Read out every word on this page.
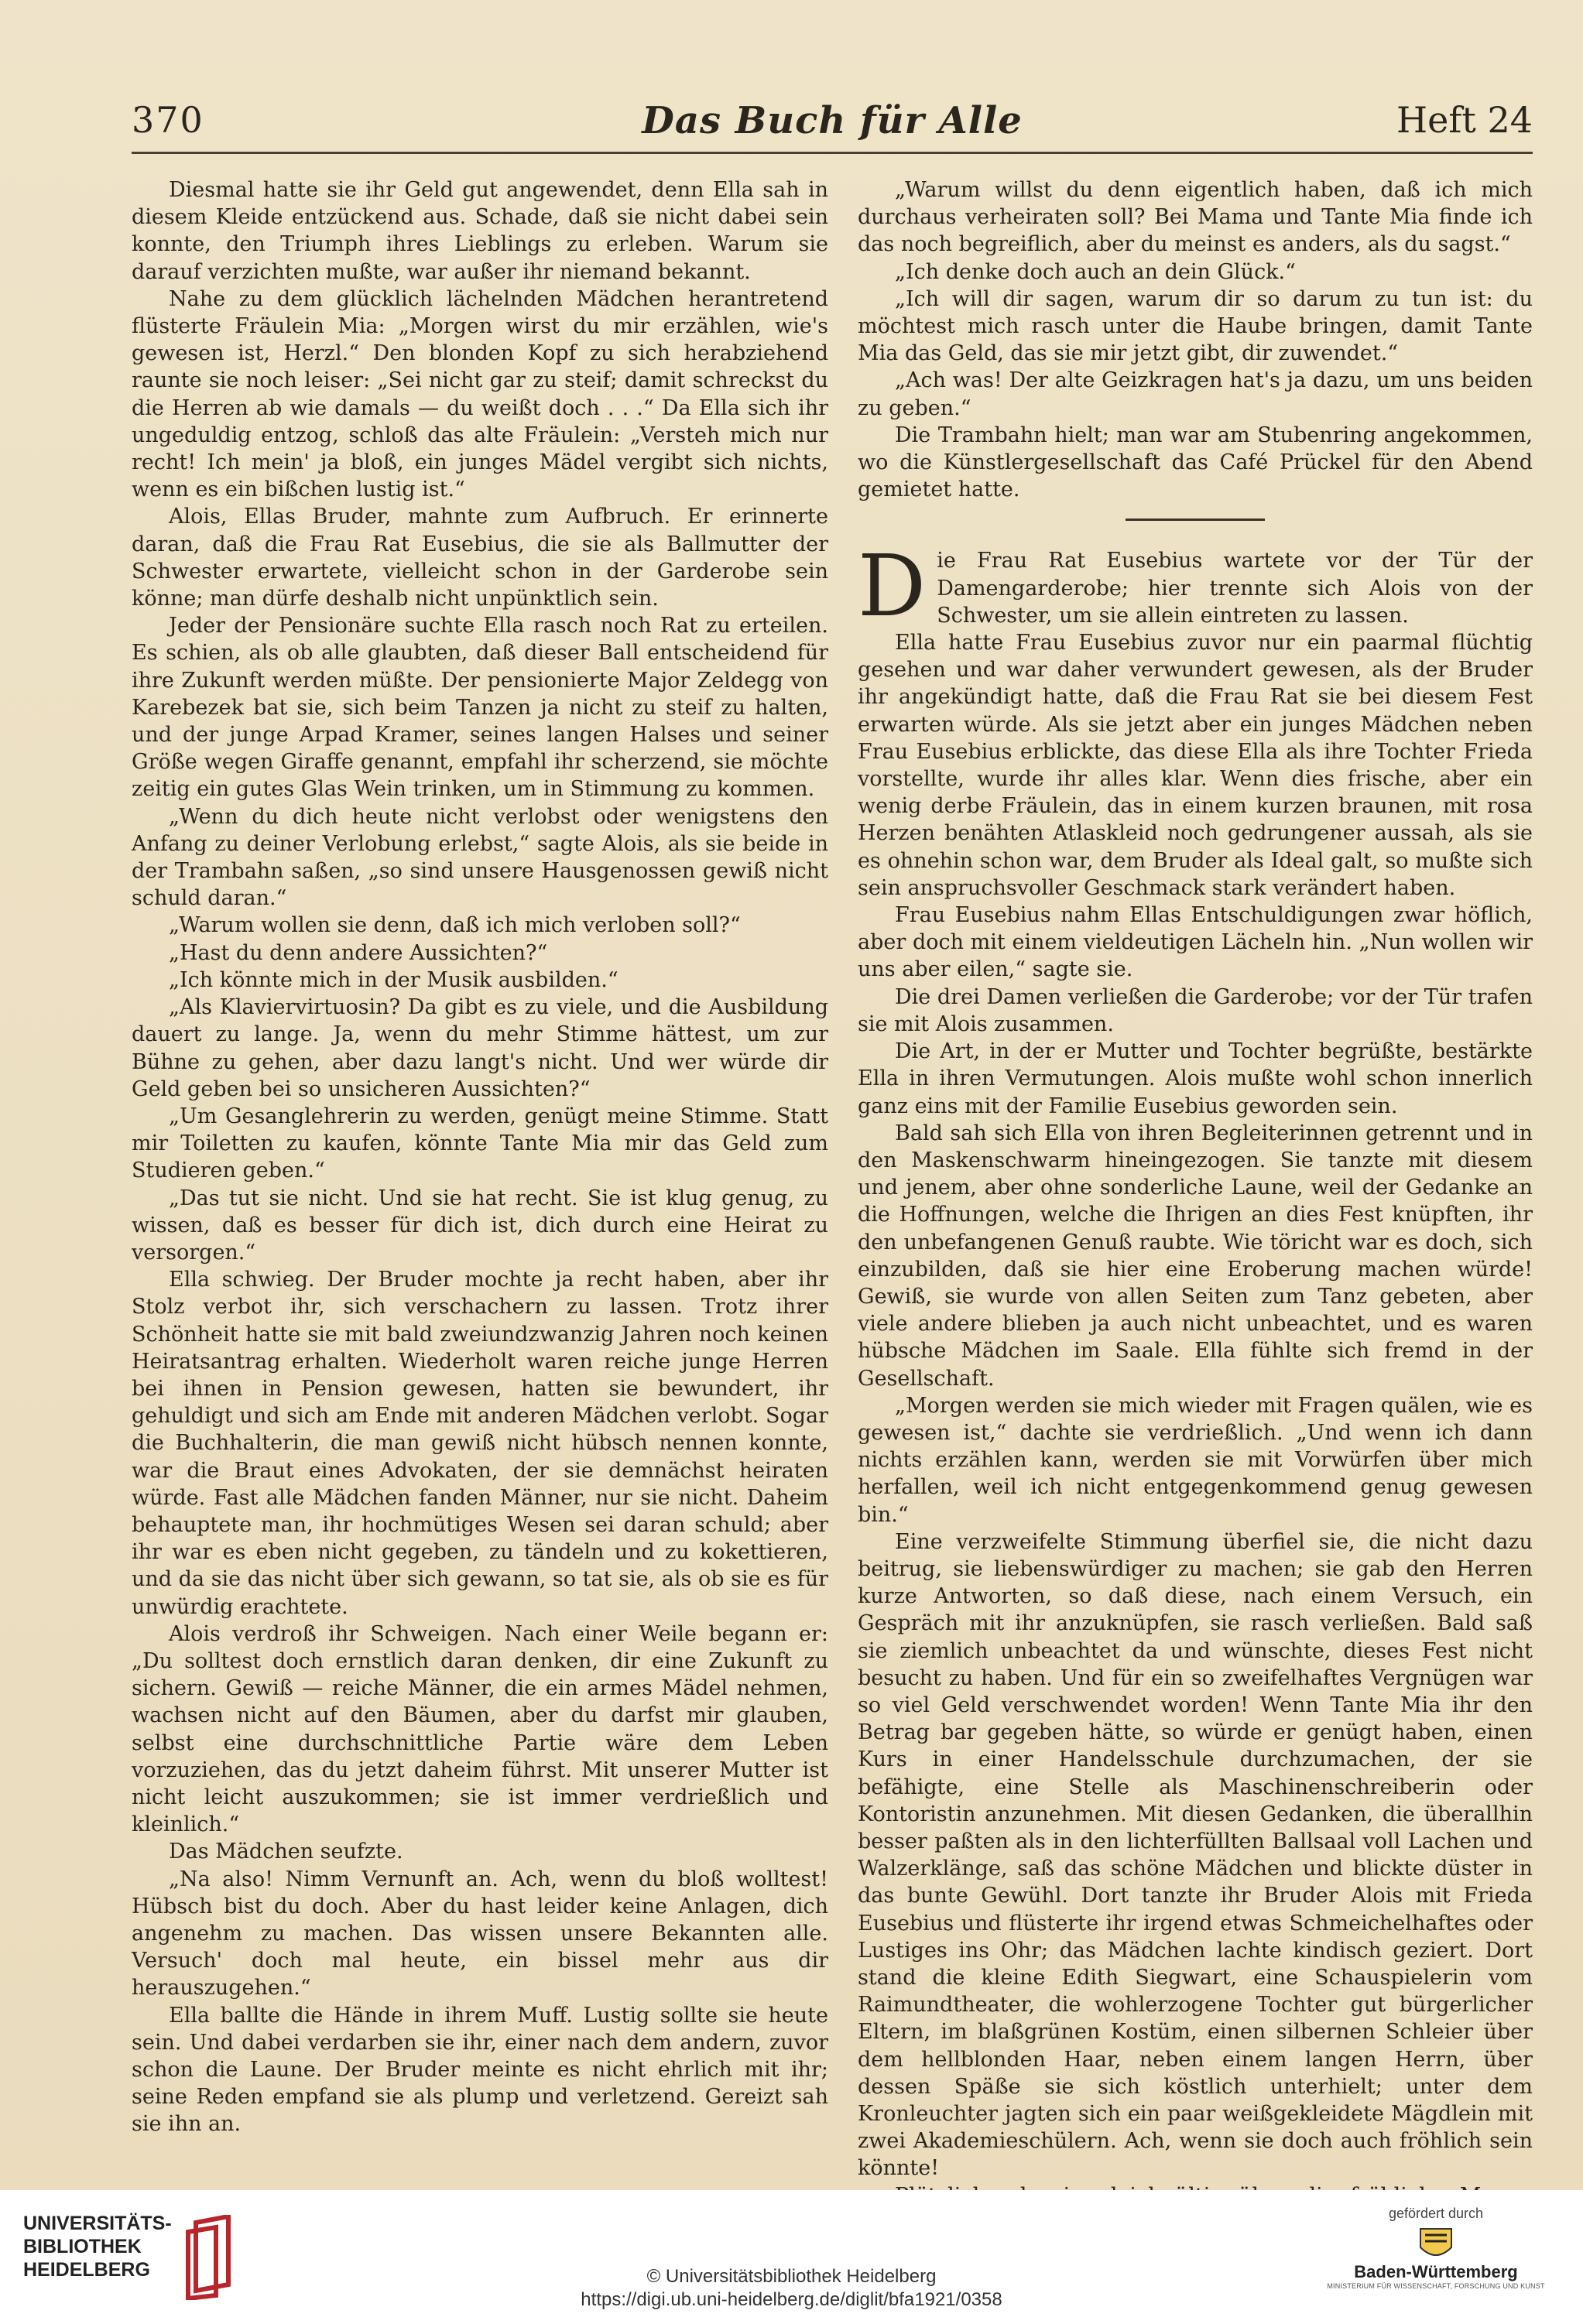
370	Das Buch für Alle	Heft 24

Diesmal hatte sie ihr Geld gut angewendet, denn Ella sah in diesem Kleide entzückend aus. Schade, daß sie nicht dabei sein konnte, den Triumph ihres Lieblings zu erleben. Warum sie darauf verzichten mußte, war außer ihr niemand bekannt.

Nahe zu dem glücklich lächelnden Mädchen herantretend flüsterte Fräulein Mia: „Morgen wirst du mir erzählen, wie's gewesen ist, Herzl.“ Den blonden Kopf zu sich herabziehend raunte sie noch leiser: „Sei nicht gar zu steif; damit schreckst du die Herren ab wie damals — du weißt doch . . .“ Da Ella sich ihr ungeduldig entzog, schloß das alte Fräulein: „Versteh mich nur recht! Ich mein' ja bloß, ein junges Mädel vergibt sich nichts, wenn es ein bißchen lustig ist.“

Alois, Ellas Bruder, mahnte zum Aufbruch. Er erinnerte daran, daß die Frau Rat Eusebius, die sie als Ballmutter der Schwester erwartete, vielleicht schon in der Garderobe sein könne; man dürfe deshalb nicht unpünktlich sein.

Jeder der Pensionäre suchte Ella rasch noch Rat zu erteilen. Es schien, als ob alle glaubten, daß dieser Ball entscheidend für ihre Zukunft werden müßte. Der pensionierte Major Zeldegg von Karebezek bat sie, sich beim Tanzen ja nicht zu steif zu halten, und der junge Arpad Kramer, seines langen Halses und seiner Größe wegen Giraffe genannt, empfahl ihr scherzend, sie möchte zeitig ein gutes Glas Wein trinken, um in Stimmung zu kommen.

„Wenn du dich heute nicht verlobst oder wenigstens den Anfang zu deiner Verlobung erlebst,“ sagte Alois, als sie beide in der Trambahn saßen, „so sind unsere Hausgenossen gewiß nicht schuld daran.“

„Warum wollen sie denn, daß ich mich verloben soll?“

„Hast du denn andere Aussichten?“

„Ich könnte mich in der Musik ausbilden.“

„Als Klaviervirtuosin? Da gibt es zu viele, und die Ausbildung dauert zu lange. Ja, wenn du mehr Stimme hättest, um zur Bühne zu gehen, aber dazu langt's nicht. Und wer würde dir Geld geben bei so unsicheren Aussichten?“

„Um Gesanglehrerin zu werden, genügt meine Stimme. Statt mir Toiletten zu kaufen, könnte Tante Mia mir das Geld zum Studieren geben.“

„Das tut sie nicht. Und sie hat recht. Sie ist klug genug, zu wissen, daß es besser für dich ist, dich durch eine Heirat zu versorgen.“

Ella schwieg. Der Bruder mochte ja recht haben, aber ihr Stolz verbot ihr, sich verschachern zu lassen. Trotz ihrer Schönheit hatte sie mit bald zweiundzwanzig Jahren noch keinen Heiratsantrag erhalten. Wiederholt waren reiche junge Herren bei ihnen in Pension gewesen, hatten sie bewundert, ihr gehuldigt und sich am Ende mit anderen Mädchen verlobt. Sogar die Buchhalterin, die man gewiß nicht hübsch nennen konnte, war die Braut eines Advokaten, der sie demnächst heiraten würde. Fast alle Mädchen fanden Männer, nur sie nicht. Daheim behauptete man, ihr hochmütiges Wesen sei daran schuld; aber ihr war es eben nicht gegeben, zu tändeln und zu kokettieren, und da sie das nicht über sich gewann, so tat sie, als ob sie es für unwürdig erachtete.

Alois verdroß ihr Schweigen. Nach einer Weile begann er: „Du solltest doch ernstlich daran denken, dir eine Zukunft zu sichern. Gewiß — reiche Männer, die ein armes Mädel nehmen, wachsen nicht auf den Bäumen, aber du darfst mir glauben, selbst eine durchschnittliche Partie wäre dem Leben vorzuziehen, das du jetzt daheim führst. Mit unserer Mutter ist nicht leicht auszukommen; sie ist immer verdrießlich und kleinlich.“

Das Mädchen seufzte.

„Na also! Nimm Vernunft an. Ach, wenn du bloß wolltest! Hübsch bist du doch. Aber du hast leider keine Anlagen, dich angenehm zu machen. Das wissen unsere Bekannten alle. Versuch' doch mal heute, ein bissel mehr aus dir herauszugehen.“

Ella ballte die Hände in ihrem Muff. Lustig sollte sie heute sein. Und dabei verdarben sie ihr, einer nach dem andern, zuvor schon die Laune. Der Bruder meinte es nicht ehrlich mit ihr; seine Reden empfand sie als plump und verletzend. Gereizt sah sie ihn an.

„Warum willst du denn eigentlich haben, daß ich mich durchaus verheiraten soll? Bei Mama und Tante Mia finde ich das noch begreiflich, aber du meinst es anders, als du sagst.“

„Ich denke doch auch an dein Glück.“

„Ich will dir sagen, warum dir so darum zu tun ist: du möchtest mich rasch unter die Haube bringen, damit Tante Mia das Geld, das sie mir jetzt gibt, dir zuwendet.“

„Ach was! Der alte Geizkragen hat's ja dazu, um uns beiden zu geben.“

Die Trambahn hielt; man war am Stubenring angekommen, wo die Künstlergesellschaft das Café Prückel für den Abend gemietet hatte.

Die Frau Rat Eusebius wartete vor der Tür der Damengarderobe; hier trennte sich Alois von der Schwester, um sie allein eintreten zu lassen.

Ella hatte Frau Eusebius zuvor nur ein paarmal flüchtig gesehen und war daher verwundert gewesen, als der Bruder ihr angekündigt hatte, daß die Frau Rat sie bei diesem Fest erwarten würde. Als sie jetzt aber ein junges Mädchen neben Frau Eusebius erblickte, das diese Ella als ihre Tochter Frieda vorstellte, wurde ihr alles klar. Wenn dies frische, aber ein wenig derbe Fräulein, das in einem kurzen braunen, mit rosa Herzen benähten Atlaskleid noch gedrungener aussah, als sie es ohnehin schon war, dem Bruder als Ideal galt, so mußte sich sein anspruchsvoller Geschmack stark verändert haben.

Frau Eusebius nahm Ellas Entschuldigungen zwar höflich, aber doch mit einem vieldeutigen Lächeln hin. „Nun wollen wir uns aber eilen,“ sagte sie.

Die drei Damen verließen die Garderobe; vor der Tür trafen sie mit Alois zusammen.

Die Art, in der er Mutter und Tochter begrüßte, bestärkte Ella in ihren Vermutungen. Alois mußte wohl schon innerlich ganz eins mit der Familie Eusebius geworden sein.

Bald sah sich Ella von ihren Begleiterinnen getrennt und in den Maskenschwarm hineingezogen. Sie tanzte mit diesem und jenem, aber ohne sonderliche Laune, weil der Gedanke an die Hoffnungen, welche die Ihrigen an dies Fest knüpften, ihr den unbefangenen Genuß raubte. Wie töricht war es doch, sich einzubilden, daß sie hier eine Eroberung machen würde! Gewiß, sie wurde von allen Seiten zum Tanz gebeten, aber viele andere blieben ja auch nicht unbeachtet, und es waren hübsche Mädchen im Saale. Ella fühlte sich fremd in der Gesellschaft.

„Morgen werden sie mich wieder mit Fragen quälen, wie es gewesen ist,“ dachte sie verdrießlich. „Und wenn ich dann nichts erzählen kann, werden sie mit Vorwürfen über mich herfallen, weil ich nicht entgegenkommend genug gewesen bin.“

Eine verzweifelte Stimmung überfiel sie, die nicht dazu beitrug, sie liebenswürdiger zu machen; sie gab den Herren kurze Antworten, so daß diese, nach einem Versuch, ein Gespräch mit ihr anzuknüpfen, sie rasch verließen. Bald saß sie ziemlich unbeachtet da und wünschte, dieses Fest nicht besucht zu haben. Und für ein so zweifelhaftes Vergnügen war so viel Geld verschwendet worden! Wenn Tante Mia ihr den Betrag bar gegeben hätte, so würde er genügt haben, einen Kurs in einer Handelsschule durchzumachen, der sie befähigte, eine Stelle als Maschinenschreiberin oder Kontoristin anzunehmen. Mit diesen Gedanken, die überallhin besser paßten als in den lichterfüllten Ballsaal voll Lachen und Walzerklänge, saß das schöne Mädchen und blickte düster in das bunte Gewühl. Dort tanzte ihr Bruder Alois mit Frieda Eusebius und flüsterte ihr irgend etwas Schmeichelhaftes oder Lustiges ins Ohr; das Mädchen lachte kindisch geziert. Dort stand die kleine Edith Siegwart, eine Schauspielerin vom Raimundtheater, die wohlerzogene Tochter gut bürgerlicher Eltern, im blaßgrünen Kostüm, einen silbernen Schleier über dem hellblonden Haar, neben einem langen Herrn, über dessen Späße sie sich köstlich unterhielt; unter dem Kronleuchter jagten sich ein paar weißgekleidete Mägdlein mit zwei Akademieschülern. Ach, wenn sie doch auch fröhlich sein könnte!

UNIVERSITÄTS-
BIBLIOTHEK
HEIDELBERG	© Universitätsbibliothek Heidelberg
https://digi.ub.uni-heidelberg.de/diglit/bfa1921/0358
gefördert durch
Baden-Württemberg
MINISTERIUM FÜR WISSENSCHAFT, FORSCHUNG UND KUNST
